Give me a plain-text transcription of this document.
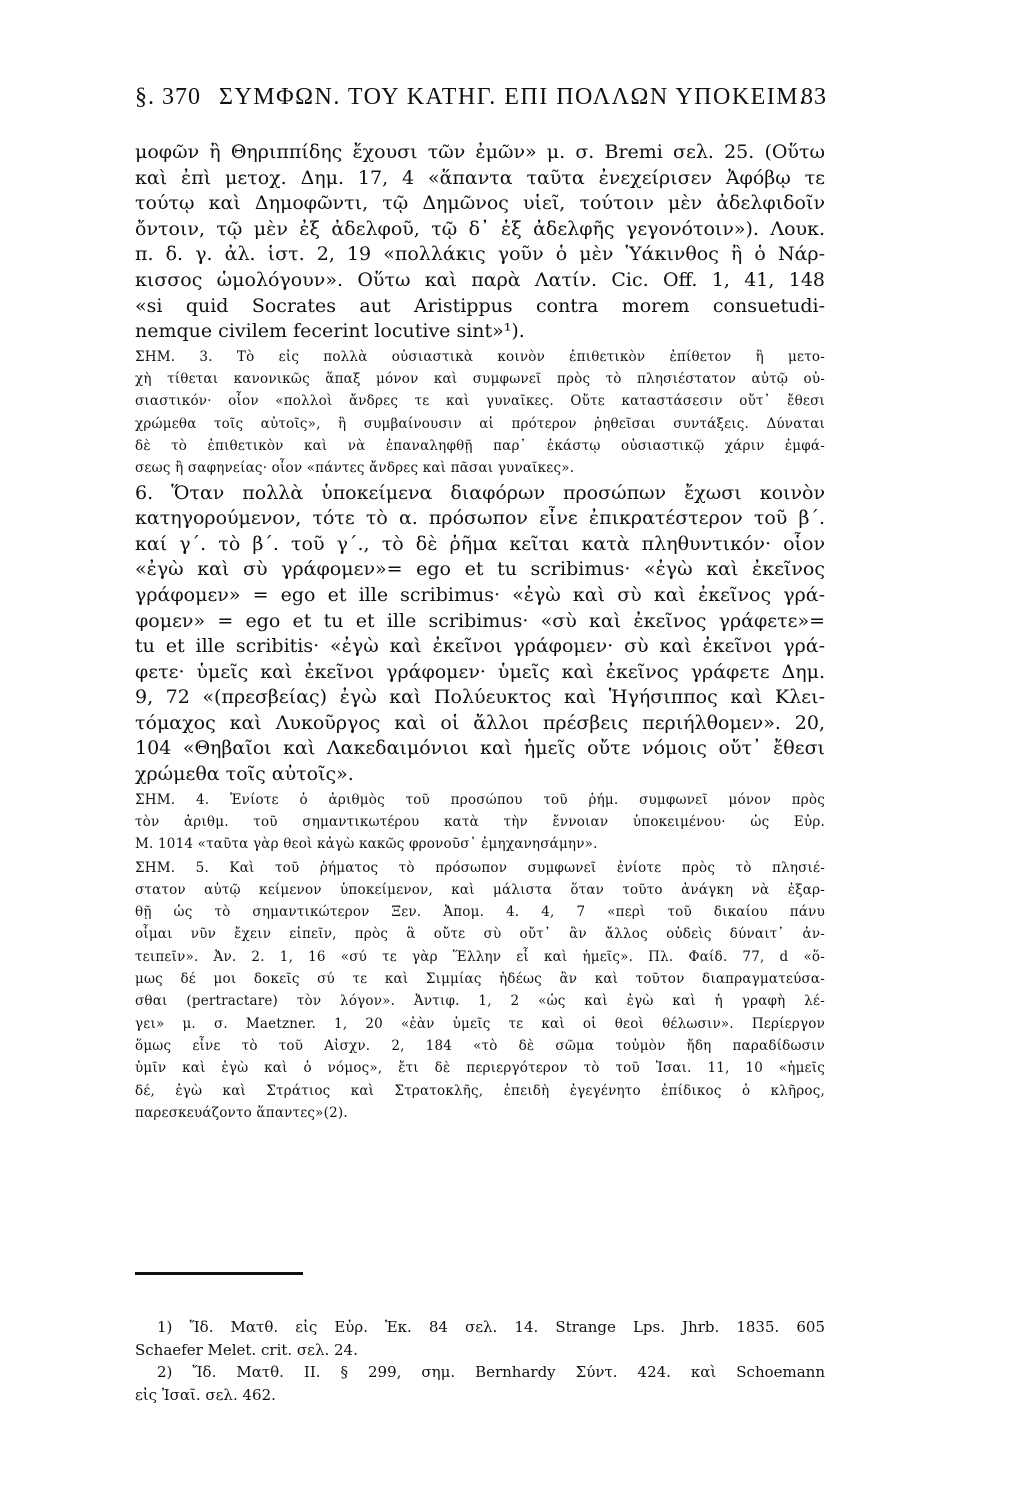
§. 370 ΣΥΜΦΩΝ. ΤΟΥ ΚΑΤΗΓ. ΕΠΙ ΠΟΛΛΩΝ ΥΠΟΚΕΙΜ.
83
μοφῶν ἢ Θηριππίδης ἔχουσι τῶν ἐμῶν» μ. σ. Bremi σελ. 25. (Οὕτω
καὶ ἐπὶ μετοχ. Δημ. 17, 4 «ἅπαντα ταῦτα ἐνεχείρισεν Ἀφόβῳ τε
τούτῳ καὶ Δημοφῶντι, τῷ Δημῶνος υἱεῖ, τούτοιν μὲν ἀδελφιδοῖν
ὄντοιν, τῷ μὲν ἐξ ἀδελφοῦ, τῷ δ᾽ ἐξ ἀδελφῆς γεγονότοιν»). Λουκ.
π. δ. γ. ἀλ. ἱστ. 2, 19 «πολλάκις γοῦν ὁ μὲν Ὑάκινθος ἢ ὁ Νάρ-
κισσος ὡμολόγουν». Οὕτω καὶ παρὰ Λατίν. Cic. Off. 1, 41, 148
«si quid Socrates aut Aristippus contra morem consuetudi-
nemque civilem fecerint locutive sint»¹).
ΣΗΜ. 3. Τὸ εἰς πολλὰ οὐσιαστικὰ κοινὸν ἐπιθετικὸν ἐπίθετον ἢ μετο-
χὴ τίθεται κανονικῶς ἅπαξ μόνον καὶ συμφωνεῖ πρὸς τὸ πλησιέστατον αὐτῷ οὐ-
σιαστικόν· οἷον «πολλοὶ ἄνδρες τε καὶ γυναῖκες. Οὔτε καταστάσεσιν οὔτ᾽ ἔθεσι
χρώμεθα τοῖς αὐτοῖς», ἢ συμβαίνουσιν αἱ πρότερον ῥηθεῖσαι συντάξεις. Δύναται
δὲ τὸ ἐπιθετικὸν καὶ νὰ ἐπαναληφθῇ παρ᾽ ἑκάστῳ οὐσιαστικῷ χάριν ἐμφά-
σεως ἢ σαφηνείας· οἷον «πάντες ἄνδρες καὶ πᾶσαι γυναῖκες».
6. Ὅταν πολλὰ ὑποκείμενα διαφόρων προσώπων ἔχωσι κοινὸν
κατηγορούμενον, τότε τὸ α. πρόσωπον εἶνε ἐπικρατέστερον τοῦ β΄.
καί γ΄. τὸ β΄. τοῦ γ΄., τὸ δὲ ῥῆμα κεῖται κατὰ πληθυντικόν· οἷον
«ἐγὼ καὶ σὺ γράφομεν»= ego et tu scribimus· «ἐγὼ καὶ ἐκεῖνος
γράφομεν» = ego et ille scribimus· «ἐγὼ καὶ σὺ καὶ ἐκεῖνος γρά-
φομεν» = ego et tu et ille scribimus· «σὺ καὶ ἐκεῖνος γράφετε»=
tu et ille scribitis· «ἐγὼ καὶ ἐκεῖνοι γράφομεν· σὺ καὶ ἐκεῖνοι γρά-
φετε· ὑμεῖς καὶ ἐκεῖνοι γράφομεν· ὑμεῖς καὶ ἐκεῖνος γράφετε Δημ.
9, 72 «(πρεσβείας) ἐγὼ καὶ Πολύευκτος καὶ Ἡγήσιππος καὶ Κλει-
τόμαχος καὶ Λυκοῦργος καὶ οἱ ἄλλοι πρέσβεις περιήλθομεν». 20,
104 «Θηβαῖοι καὶ Λακεδαιμόνιοι καὶ ἡμεῖς οὔτε νόμοις οὔτ᾽ ἔθεσι
χρώμεθα τοῖς αὐτοῖς».
ΣΗΜ. 4. Ἐνίοτε ὁ ἀριθμὸς τοῦ προσώπου τοῦ ῥήμ. συμφωνεῖ μόνον πρὸς
τὸν ἀριθμ. τοῦ σημαντικωτέρου κατὰ τὴν ἔννοιαν ὑποκειμένου· ὡς Εὐρ.
Μ. 1014 «ταῦτα γὰρ θεοὶ κἀγὼ κακῶς φρονοῦσ᾽ ἐμηχανησάμην».
ΣΗΜ. 5. Καὶ τοῦ ῥήματος τὸ πρόσωπον συμφωνεῖ ἐνίοτε πρὸς τὸ πλησιέ-
στατον αὐτῷ κείμενον ὑποκείμενον, καὶ μάλιστα ὅταν τοῦτο ἀνάγκη νὰ ἐξαρ-
θῇ ὡς τὸ σημαντικώτερον Ξεν. Ἀπομ. 4. 4, 7 «περὶ τοῦ δικαίου πάνυ
οἶμαι νῦν ἔχειν εἰπεῖν, πρὸς ἃ οὔτε σὺ οὔτ᾽ ἂν ἄλλος οὐδεὶς δύναιτ᾽ ἀν-
τειπεῖν». Ἀν. 2. 1, 16 «σύ τε γὰρ Ἕλλην εἶ καὶ ἡμεῖς». Πλ. Φαίδ. 77, d «ὅ-
μως δέ μοι δοκεῖς σύ τε καὶ Σιμμίας ἡδέως ἂν καὶ τοῦτον διαπραγματεύσα-
σθαι (pertractare) τὸν λόγον». Ἀντιφ. 1, 2 «ὡς καὶ ἐγὼ καὶ ἡ γραφὴ λέ-
γει» μ. σ. Maetzner. 1, 20 «ἐὰν ὑμεῖς τε καὶ οἱ θεοὶ θέλωσιν». Περίεργον
ὅμως εἶνε τὸ τοῦ Αἰσχν. 2, 184 «τὸ δὲ σῶμα τοὐμὸν ἤδη παραδίδωσιν
ὑμῖν καὶ ἐγὼ καὶ ὁ νόμος», ἔτι δὲ περιεργότερον τὸ τοῦ Ἰσαι. 11, 10 «ἡμεῖς
δέ, ἐγὼ καὶ Στράτιος καὶ Στρατοκλῆς, ἐπειδὴ ἐγεγένητο ἐπίδικος ὁ κλῆρος,
παρεσκευάζοντο ἅπαντες»(2).
1) Ἴδ. Ματθ. εἰς Εὐρ. Ἑκ. 84 σελ. 14. Strange Lps. Jhrb. 1835. 605
Schaefer Melet. crit. σελ. 24.
2) Ἴδ. Ματθ. II. § 299, σημ. Bernhardy Σύντ. 424. καὶ Schoemann
εἰς Ἰσαῖ. σελ. 462.
